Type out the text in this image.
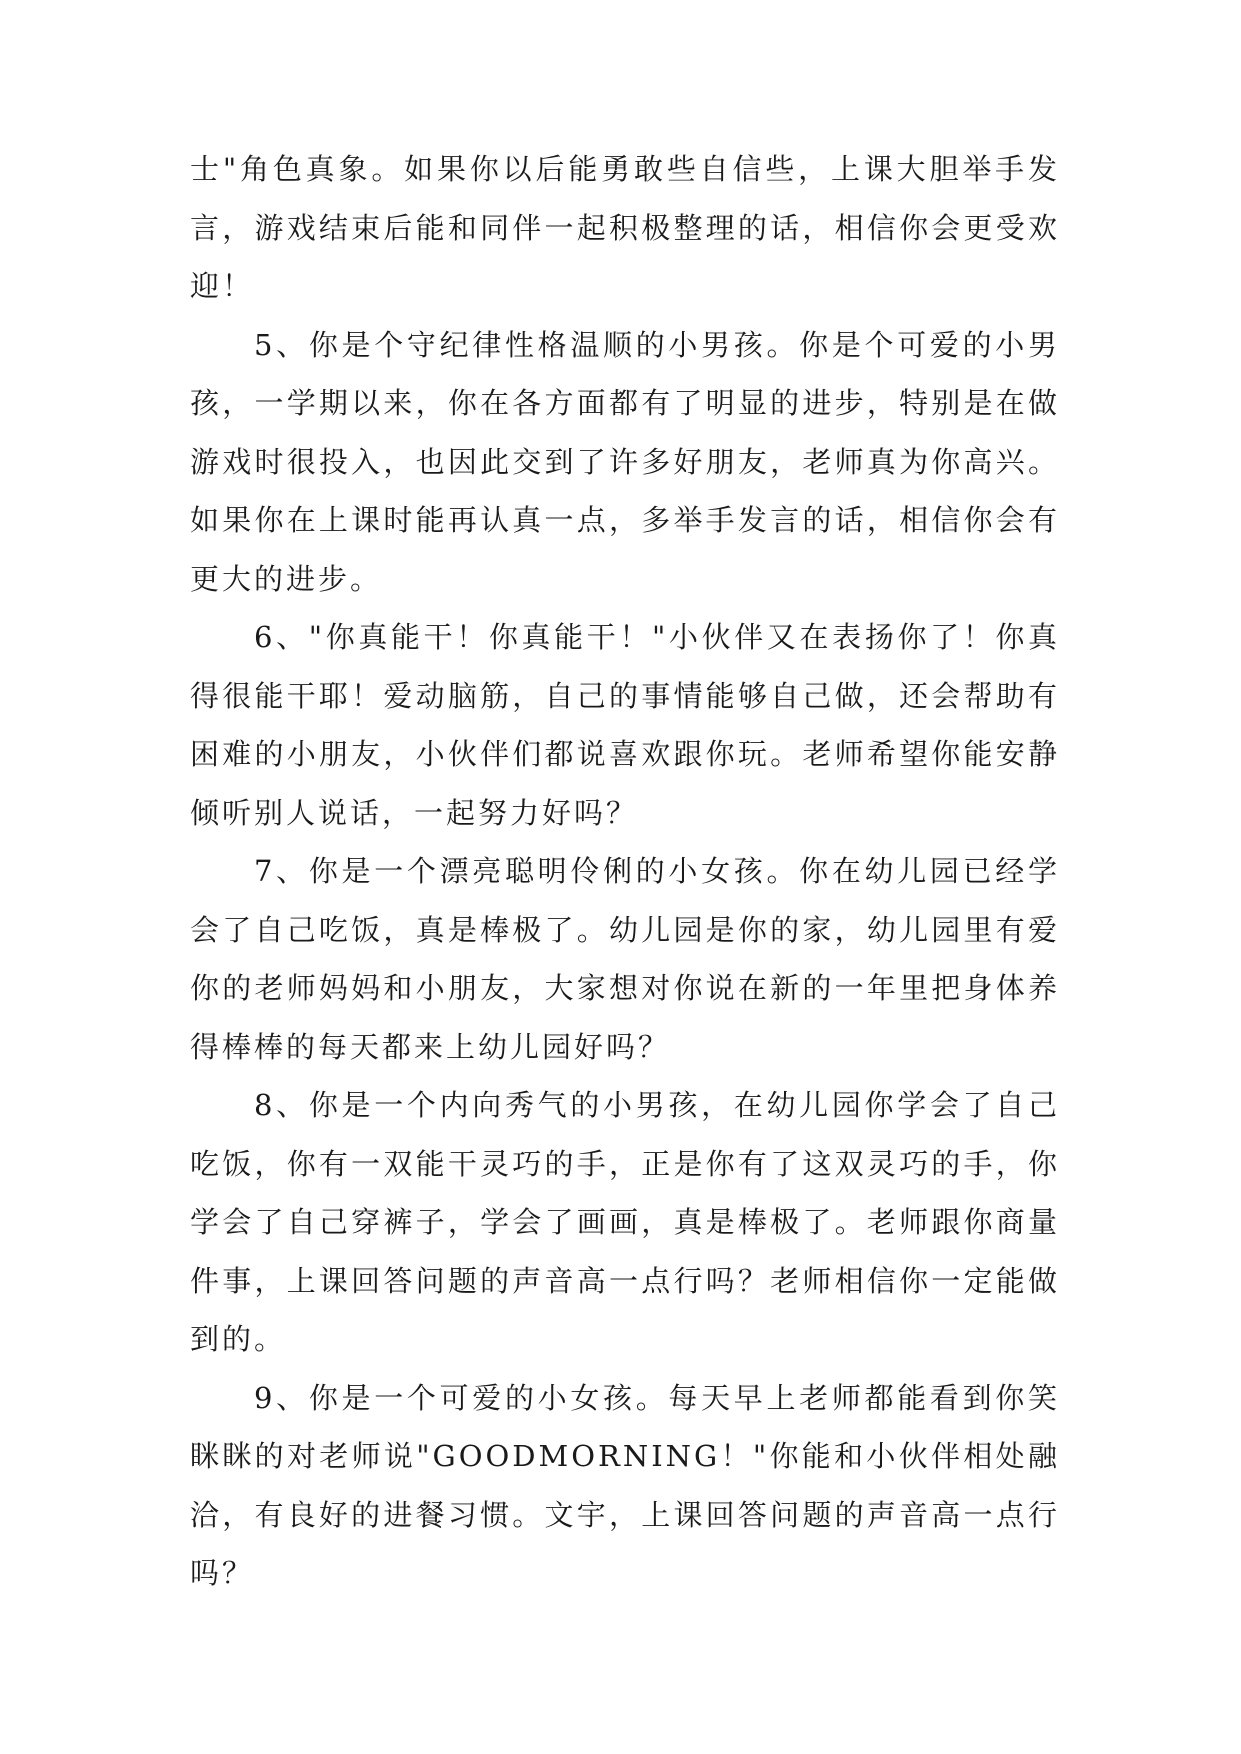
士"角色真象。如果你以后能勇敢些自信些，上课大胆举手发言，游戏结束后能和同伴一起积极整理的话，相信你会更受欢迎！

5、你是个守纪律性格温顺的小男孩。你是个可爱的小男孩，一学期以来，你在各方面都有了明显的进步，特别是在做游戏时很投入，也因此交到了许多好朋友，老师真为你高兴。如果你在上课时能再认真一点，多举手发言的话，相信你会有更大的进步。

6、"你真能干！你真能干！"小伙伴又在表扬你了！你真得很能干耶！爱动脑筋，自己的事情能够自己做，还会帮助有困难的小朋友，小伙伴们都说喜欢跟你玩。老师希望你能安静倾听别人说话，一起努力好吗？

7、你是一个漂亮聪明伶俐的小女孩。你在幼儿园已经学会了自己吃饭，真是棒极了。幼儿园是你的家，幼儿园里有爱你的老师妈妈和小朋友，大家想对你说在新的一年里把身体养得棒棒的每天都来上幼儿园好吗？

8、你是一个内向秀气的小男孩，在幼儿园你学会了自己吃饭，你有一双能干灵巧的手，正是你有了这双灵巧的手，你学会了自己穿裤子，学会了画画，真是棒极了。老师跟你商量件事，上课回答问题的声音高一点行吗？老师相信你一定能做到的。

9、你是一个可爱的小女孩。每天早上老师都能看到你笑眯眯的对老师说"GOODMORNING！"你能和小伙伴相处融洽，有良好的进餐习惯。文宇，上课回答问题的声音高一点行吗？
